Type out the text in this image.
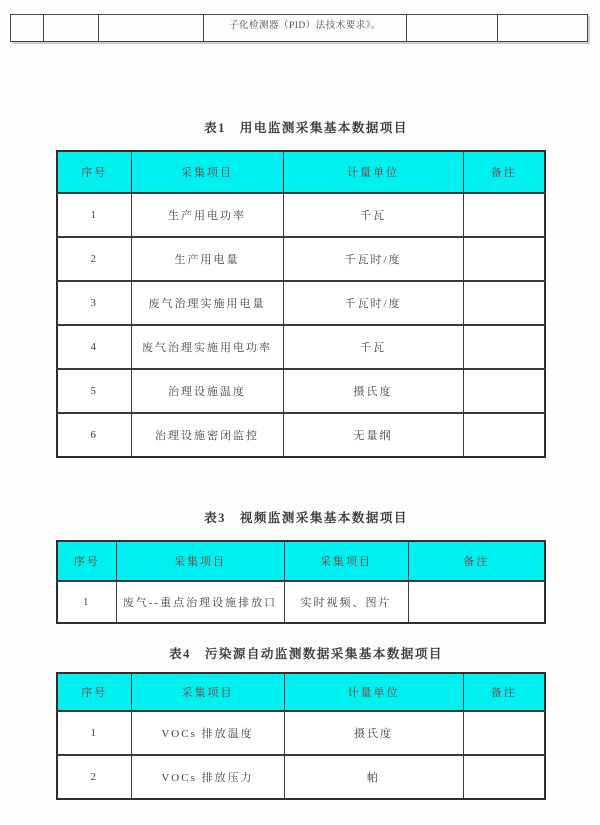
			子化检测器（PID）法技术要求》。		
表1　用电监测采集基本数据项目
序号	采集项目	计量单位	备注
1	生产用电功率	千瓦	
2	生产用电量	千瓦时/度	
3	废气治理实施用电量	千瓦时/度	
4	废气治理实施用电功率	千瓦	
5	治理设施温度	摄氏度	
6	治理设施密闭监控	无量纲	
表3　视频监测采集基本数据项目
序号	采集项目	采集项目	备注
1	废气--重点治理设施排放口	实时视频、图片	
表4　污染源自动监测数据采集基本数据项目
序号	采集项目	计量单位	备注
1	VOCs 排放温度	摄氏度	
2	VOCs 排放压力	帕	
